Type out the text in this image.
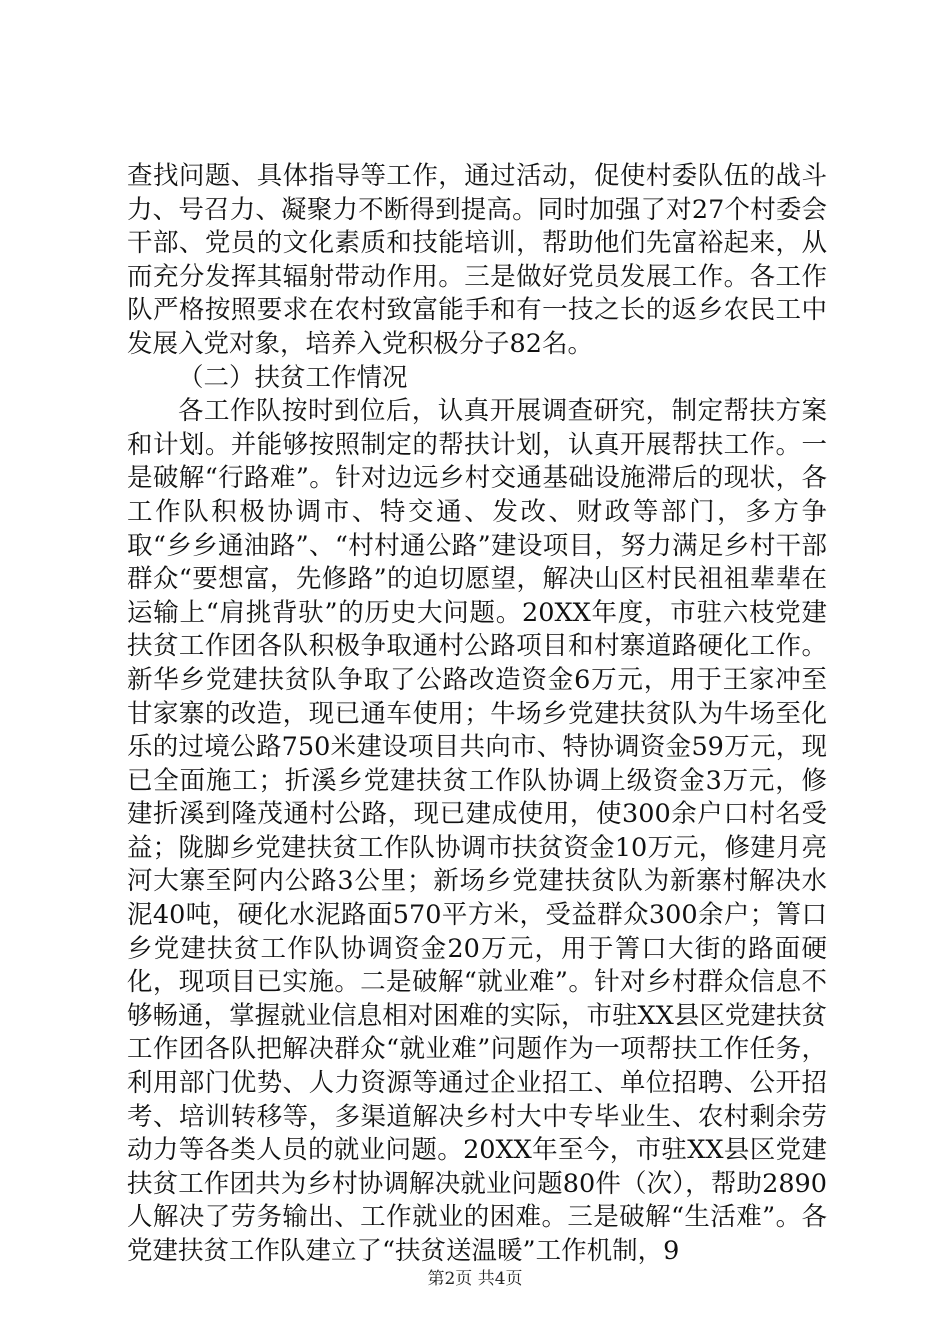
查找问题、具体指导等工作，通过活动，促使村委队伍的战斗力、号召力、凝聚力不断得到提高。同时加强了对27个村委会干部、党员的文化素质和技能培训，帮助他们先富裕起来，从而充分发挥其辐射带动作用。三是做好党员发展工作。各工作队严格按照要求在农村致富能手和有一技之长的返乡农民工中发展入党对象，培养入党积极分子82名。

（二）扶贫工作情况

各工作队按时到位后，认真开展调查研究，制定帮扶方案和计划。并能够按照制定的帮扶计划，认真开展帮扶工作。一是破解“行路难”。针对边远乡村交通基础设施滞后的现状，各工作队积极协调市、特交通、发改、财政等部门，多方争取“乡乡通油路”、“村村通公路”建设项目，努力满足乡村干部群众“要想富，先修路”的迫切愿望，解决山区村民祖祖辈辈在运输上“肩挑背驮”的历史大问题。20XX年度，市驻六枝党建扶贫工作团各队积极争取通村公路项目和村寨道路硬化工作。新华乡党建扶贫队争取了公路改造资金6万元，用于王家冲至甘家寨的改造，现已通车使用；牛场乡党建扶贫队为牛场至化乐的过境公路750米建设项目共向市、特协调资金59万元，现已全面施工；折溪乡党建扶贫工作队协调上级资金3万元，修建折溪到隆茂通村公路，现已建成使用，使300余户口村名受益；陇脚乡党建扶贫工作队协调市扶贫资金10万元，修建月亮河大寨至阿内公路3公里；新场乡党建扶贫队为新寨村解决水泥40吨，硬化水泥路面570平方米，受益群众300余户；箐口乡党建扶贫工作队协调资金20万元，用于箐口大街的路面硬化，现项目已实施。二是破解“就业难”。针对乡村群众信息不够畅通，掌握就业信息相对困难的实际，市驻XX县区党建扶贫工作团各队把解决群众“就业难”问题作为一项帮扶工作任务，利用部门优势、人力资源等通过企业招工、单位招聘、公开招考、培训转移等，多渠道解决乡村大中专毕业生、农村剩余劳动力等各类人员的就业问题。20XX年至今，市驻XX县区党建扶贫工作团共为乡村协调解决就业问题80件（次），帮助2890人解决了劳务输出、工作就业的困难。三是破解“生活难”。各党建扶贫工作队建立了“扶贫送温暖”工作机制，9

第2页 共4页
